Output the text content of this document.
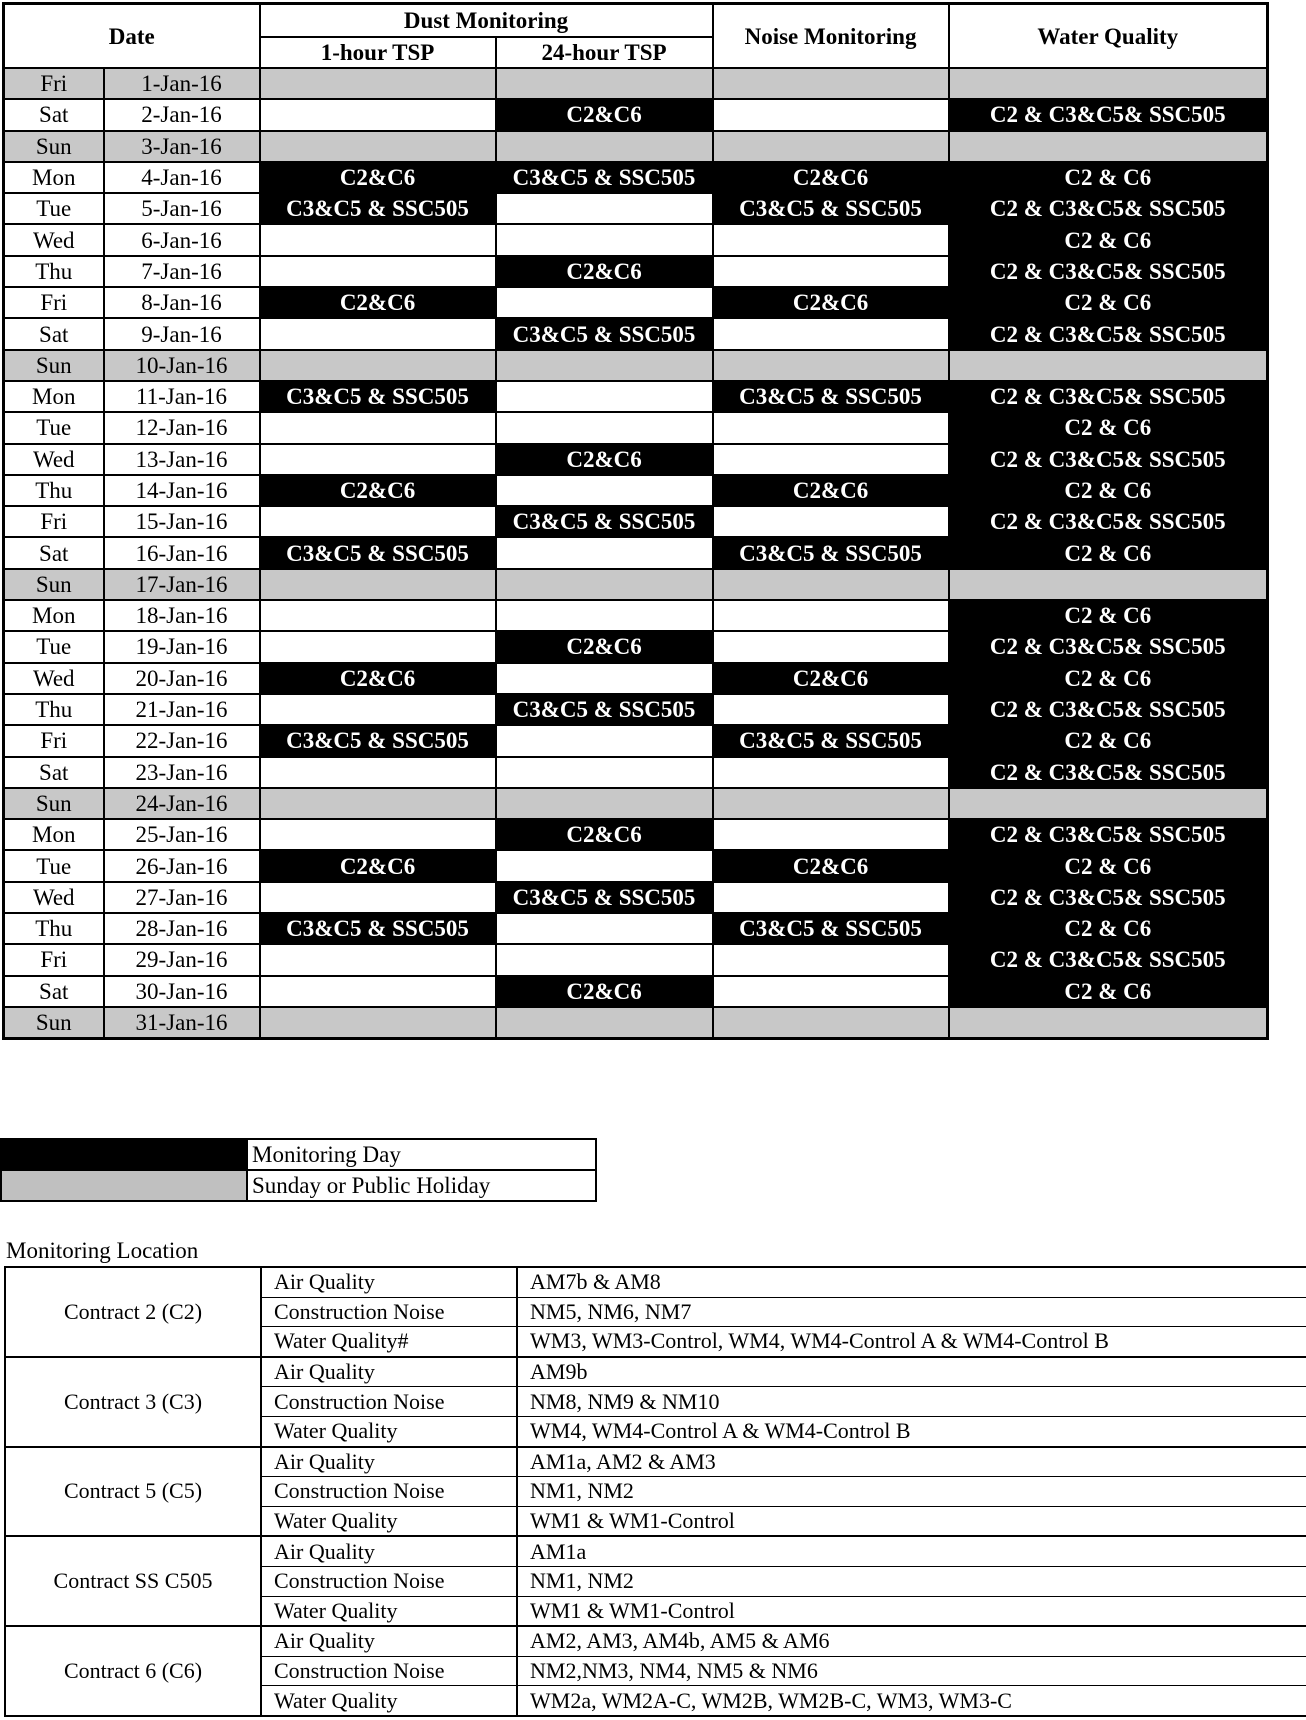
Date		Dust Monitoring		Noise Monitoring	Water Quality
		1-hour TSP	24-hour TSP		
Fri	1-Jan-16				
Sat	2-Jan-16		C2&C6		C2 & C3&C5& SSC505
Sun	3-Jan-16				
Mon	4-Jan-16	C2&C6	C3&C5 & SSC505	C2&C6	C2 & C6
Tue	5-Jan-16	C3&C5 & SSC505		C3&C5 & SSC505	C2 & C3&C5& SSC505
Wed	6-Jan-16				C2 & C6
Thu	7-Jan-16		C2&C6		C2 & C3&C5& SSC505
Fri	8-Jan-16	C2&C6		C2&C6	C2 & C6
Sat	9-Jan-16		C3&C5 & SSC505		C2 & C3&C5& SSC505
Sun	10-Jan-16				
Mon	11-Jan-16	C3&C5 & SSC505		C3&C5 & SSC505	C2 & C3&C5& SSC505
Tue	12-Jan-16				C2 & C6
Wed	13-Jan-16		C2&C6		C2 & C3&C5& SSC505
Thu	14-Jan-16	C2&C6		C2&C6	C2 & C6
Fri	15-Jan-16		C3&C5 & SSC505		C2 & C3&C5& SSC505
Sat	16-Jan-16	C3&C5 & SSC505		C3&C5 & SSC505	C2 & C6
Sun	17-Jan-16				
Mon	18-Jan-16				C2 & C6
Tue	19-Jan-16		C2&C6		C2 & C3&C5& SSC505
Wed	20-Jan-16	C2&C6		C2&C6	C2 & C6
Thu	21-Jan-16		C3&C5 & SSC505		C2 & C3&C5& SSC505
Fri	22-Jan-16	C3&C5 & SSC505		C3&C5 & SSC505	C2 & C6
Sat	23-Jan-16				C2 & C3&C5& SSC505
Sun	24-Jan-16				
Mon	25-Jan-16		C2&C6		C2 & C3&C5& SSC505
Tue	26-Jan-16	C2&C6		C2&C6	C2 & C6
Wed	27-Jan-16		C3&C5 & SSC505		C2 & C3&C5& SSC505
Thu	28-Jan-16	C3&C5 & SSC505		C3&C5 & SSC505	C2 & C6
Fri	29-Jan-16				C2 & C3&C5& SSC505
Sat	30-Jan-16		C2&C6		C2 & C6
Sun	31-Jan-16				
	Monitoring Day
	Sunday or Public Holiday
Monitoring Location
Contract 2 (C2)	Air Quality	AM7b & AM8
	Construction Noise	NM5, NM6, NM7
	Water Quality#	WM3, WM3-Control, WM4, WM4-Control A & WM4-Control B
Contract 3 (C3)	Air Quality	AM9b
	Construction Noise	NM8, NM9 & NM10
	Water Quality	WM4, WM4-Control A & WM4-Control B
Contract 5 (C5)	Air Quality	AM1a, AM2 & AM3
	Construction Noise	NM1, NM2
	Water Quality	WM1 & WM1-Control
Contract SS C505	Air Quality	AM1a
	Construction Noise	NM1, NM2
	Water Quality	WM1 & WM1-Control
Contract 6 (C6)	Air Quality	AM2, AM3, AM4b, AM5 & AM6
	Construction Noise	NM2,NM3, NM4, NM5 & NM6
	Water Quality	WM2a, WM2A-C, WM2B, WM2B-C, WM3, WM3-C
